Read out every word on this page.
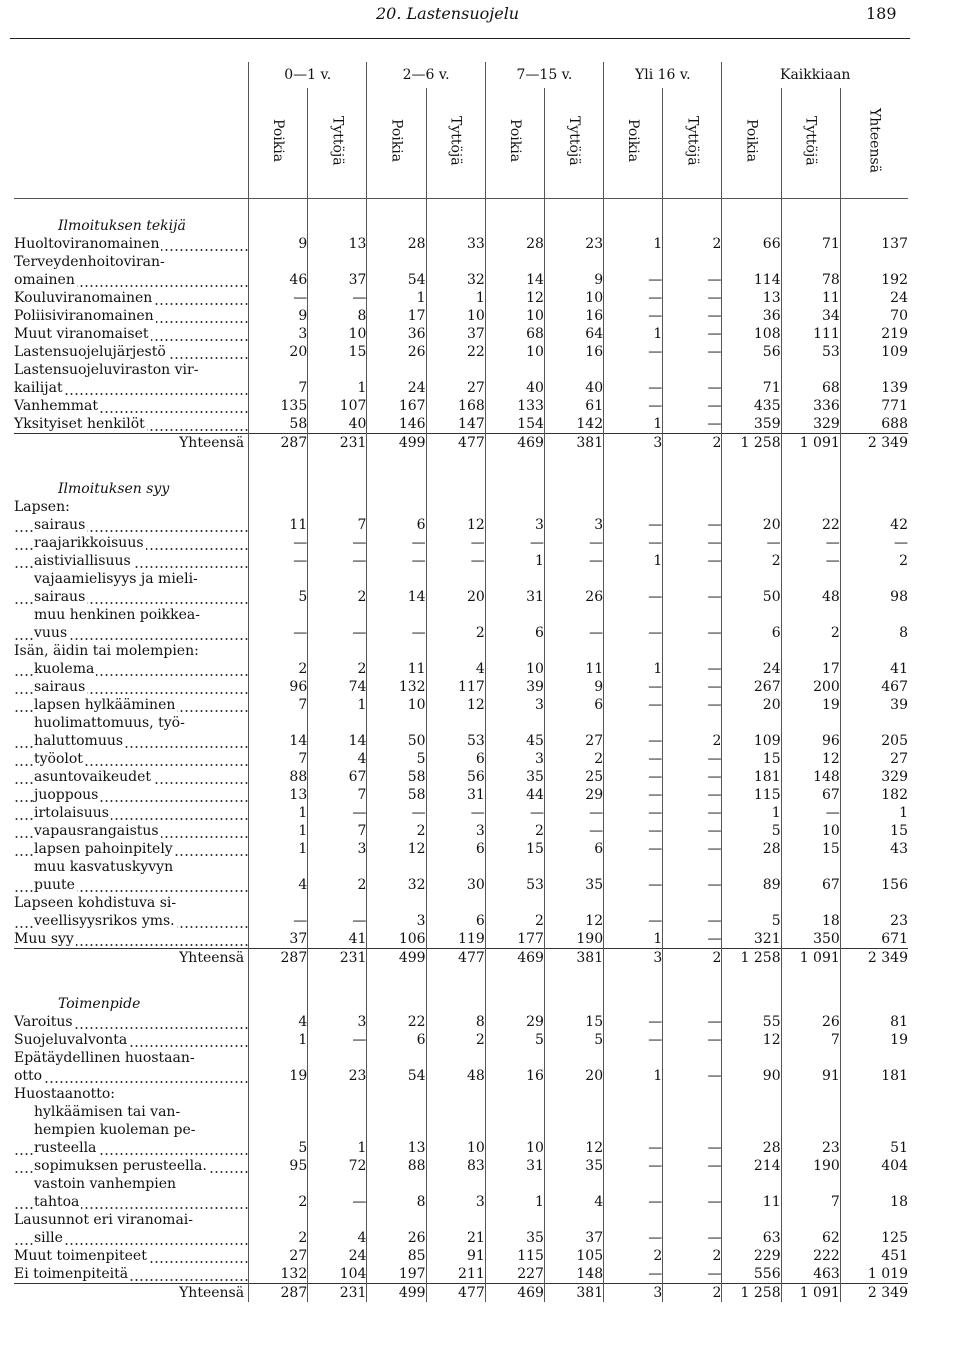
20. Lastensuojelu	189
	0—1 v.		2—6 v.		7—15 v.		Yli 16 v.		Kaikkiaan		
	Poikia	Tyttöjä	Poikia	Tyttöjä	Poikia	Tyttöjä	Poikia	Tyttöjä	Poikia	Tyttöjä	Yhteensä
Ilmoituksen tekijä											
Huoltoviranomainen	9	13	28	33	28	23	1	2	66	71	137
Terveydenhoitoviran-											
omainen	46	37	54	32	14	9	—	—	114	78	192
Kouluviranomainen	—	—	1	1	12	10	—	—	13	11	24
Poliisiviranomainen	9	8	17	10	10	16	—	—	36	34	70
Muut viranomaiset	3	10	36	37	68	64	1	—	108	111	219
Lastensuojelujärjestö	20	15	26	22	10	16	—	—	56	53	109
Lastensuojeluviraston vir-											
kailijat	7	1	24	27	40	40	—	—	71	68	139
Vanhemmat	135	107	167	168	133	61	—	—	435	336	771
Yksityiset henkilöt	58	40	146	147	154	142	1	—	359	329	688
Yhteensä	287	231	499	477	469	381	3	2	1 258	1 091	2 349

Ilmoituksen syy											
Lapsen:											
sairaus	11	7	6	12	3	3	—	—	20	22	42
raajarikkoisuus	—	—	—	—	—	—	—	—	—	—	—
aistiviallisuus	—	—	—	—	1	—	1	—	2	—	2
vajaamielisyys ja mieli-											
sairaus	5	2	14	20	31	26	—	—	50	48	98
muu henkinen poikkea-											
vuus	—	—	—	2	6	—	—	—	6	2	8
Isän, äidin tai molempien:											
kuolema	2	2	11	4	10	11	1	—	24	17	41
sairaus	96	74	132	117	39	9	—	—	267	200	467
lapsen hylkääminen	7	1	10	12	3	6	—	—	20	19	39
huolimattomuus, työ-											
haluttomuus	14	14	50	53	45	27	—	2	109	96	205
työolot	7	4	5	6	3	2	—	—	15	12	27
asuntovaikeudet	88	67	58	56	35	25	—	—	181	148	329
juoppous	13	7	58	31	44	29	—	—	115	67	182
irtolaisuus	1	—	—	—	—	—	—	—	1	—	1
vapausrangaistus	1	7	2	3	2	—	—	—	5	10	15
lapsen pahoinpitely	1	3	12	6	15	6	—	—	28	15	43
muu kasvatuskyvyn											
puute	4	2	32	30	53	35	—	—	89	67	156
Lapseen kohdistuva si-											
veellisyysrikos yms.	—	—	3	6	2	12	—	—	5	18	23
Muu syy	37	41	106	119	177	190	1	—	321	350	671
Yhteensä	287	231	499	477	469	381	3	2	1 258	1 091	2 349

Toimenpide											
Varoitus	4	3	22	8	29	15	—	—	55	26	81
Suojeluvalvonta	1	—	6	2	5	5	—	—	12	7	19
Epätäydellinen huostaan-											
otto	19	23	54	48	16	20	1	—	90	91	181
Huostaanotto:											
hylkäämisen tai van-											
hempien kuoleman pe-											
rusteella	5	1	13	10	10	12	—	—	28	23	51
sopimuksen perusteella.	95	72	88	83	31	35	—	—	214	190	404
vastoin vanhempien											
tahtoa	2	—	8	3	1	4	—	—	11	7	18
Lausunnot eri viranomai-											
sille	2	4	26	21	35	37	—	—	63	62	125
Muut toimenpiteet	27	24	85	91	115	105	2	2	229	222	451
Ei toimenpiteitä	132	104	197	211	227	148	—	—	556	463	1 019
Yhteensä	287	231	499	477	469	381	3	2	1 258	1 091	2 349
